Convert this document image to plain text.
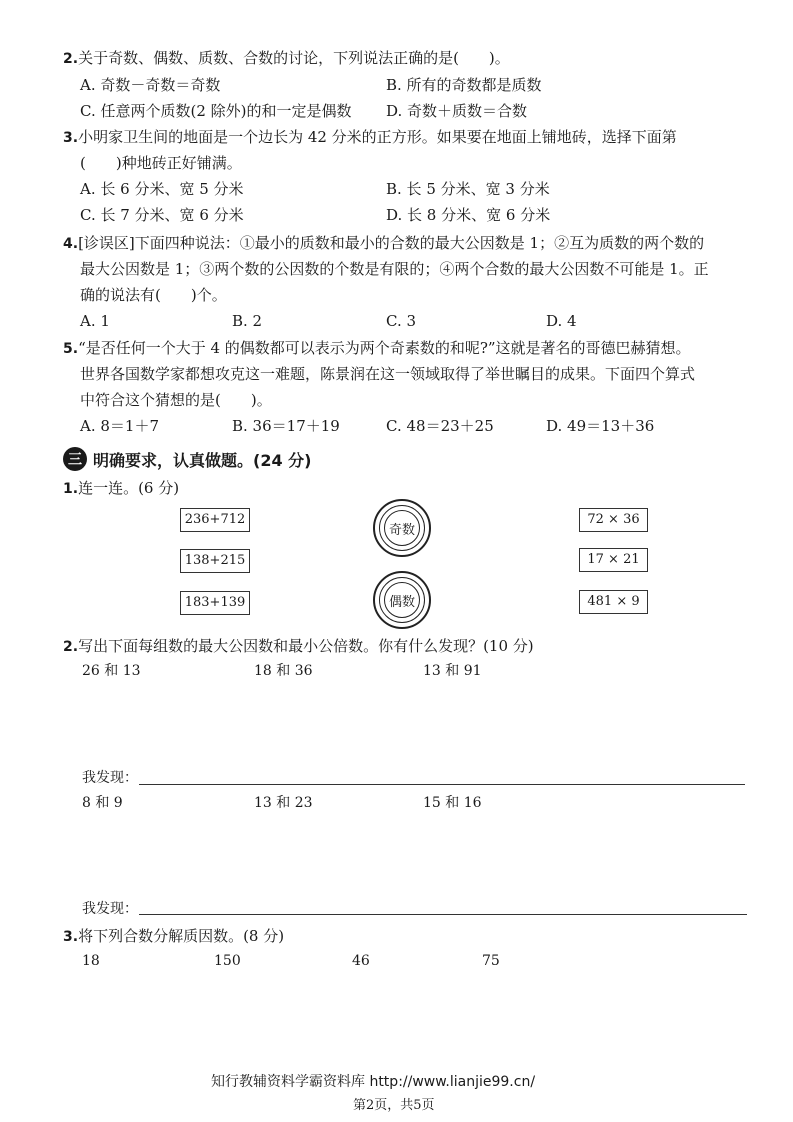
2.关于奇数、偶数、质数、合数的讨论，下列说法正确的是( )。
A. 奇数－奇数＝奇数	B. 所有的奇数都是质数
C. 任意两个质数(2 除外)的和一定是偶数 D. 奇数＋质数＝合数
3.小明家卫生间的地面是一个边长为 42 分米的正方形。如果要在地面上铺地砖，选择下面第
( )种地砖正好铺满。
A. 长 6 分米、宽 5 分米	B. 长 5 分米、宽 3 分米
C. 长 7 分米、宽 6 分米	D. 长 8 分米、宽 6 分米
4.[诊误区]下面四种说法：①最小的质数和最小的合数的最大公因数是 1；②互为质数的两个数的
最大公因数是 1；③两个数的公因数的个数是有限的；④两个合数的最大公因数不可能是 1。正
确的说法有( )个。
A. 1	B. 2	C. 3	D. 4
5.“是否任何一个大于 4 的偶数都可以表示为两个奇素数的和呢?”这就是著名的哥德巴赫猜想。
世界各国数学家都想攻克这一难题，陈景润在这一领域取得了举世瞩目的成果。下面四个算式
中符合这个猜想的是( )。
A. 8＝1＋7	B. 36＝17＋19	C. 48＝23＋25	D. 49＝13＋36
三 明确要求，认真做题。(24 分)
1.连一连。(6 分)
236+712
138+215
183+139
奇数
偶数
72 × 36
17 × 21
481 × 9
2.写出下面每组数的最大公因数和最小公倍数。你有什么发现？(10 分)
26 和 13	18 和 36	13 和 91
我发现：
8 和 9	13 和 23	15 和 16
我发现：
3.将下列合数分解质因数。(8 分)
18	150	46	75
知行教辅资料学霸资料库 http://www.lianjie99.cn/
第2页，共5页
